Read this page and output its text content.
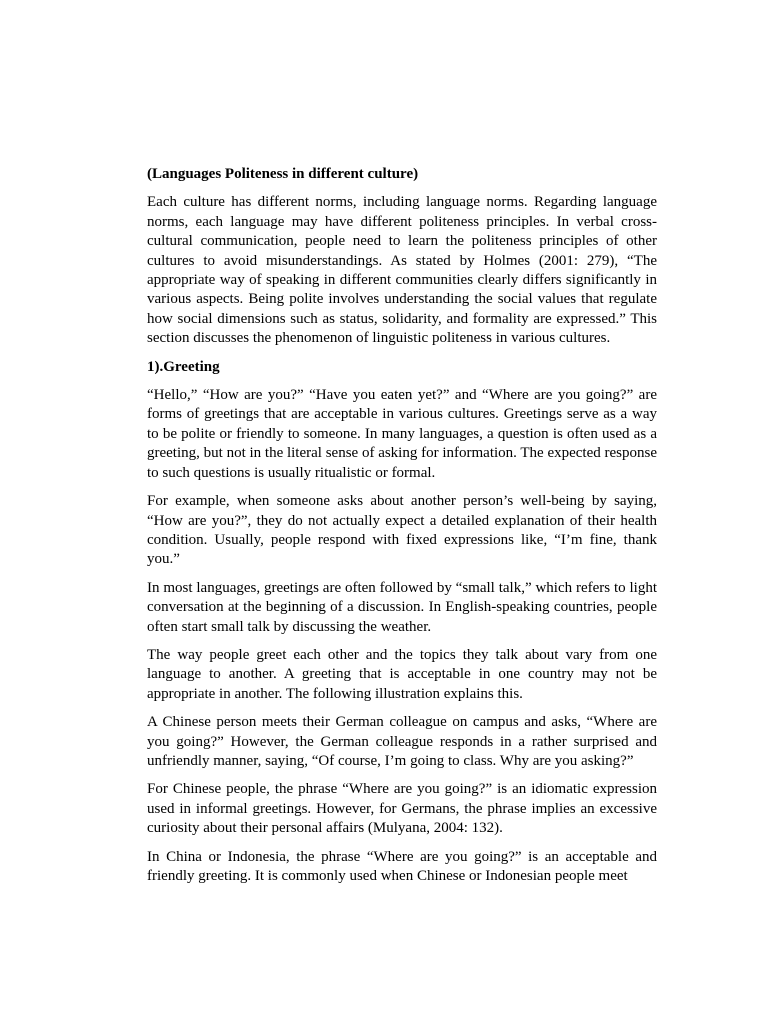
(Languages Politeness in different culture)

Each culture has different norms, including language norms. Regarding language norms, each language may have different politeness principles. In verbal cross-cultural communication, people need to learn the politeness principles of other cultures to avoid misunderstandings. As stated by Holmes (2001: 279), “The appropriate way of speaking in different communities clearly differs significantly in various aspects. Being polite involves understanding the social values that regulate how social dimensions such as status, solidarity, and formality are expressed.” This section discusses the phenomenon of linguistic politeness in various cultures.

1).Greeting

“Hello,” “How are you?” “Have you eaten yet?” and “Where are you going?” are forms of greetings that are acceptable in various cultures. Greetings serve as a way to be polite or friendly to someone. In many languages, a question is often used as a greeting, but not in the literal sense of asking for information. The expected response to such questions is usually ritualistic or formal.

For example, when someone asks about another person’s well-being by saying, “How are you?”, they do not actually expect a detailed explanation of their health condition. Usually, people respond with fixed expressions like, “I’m fine, thank you.”

In most languages, greetings are often followed by “small talk,” which refers to light conversation at the beginning of a discussion. In English-speaking countries, people often start small talk by discussing the weather.

The way people greet each other and the topics they talk about vary from one language to another. A greeting that is acceptable in one country may not be appropriate in another. The following illustration explains this.

A Chinese person meets their German colleague on campus and asks, “Where are you going?” However, the German colleague responds in a rather surprised and unfriendly manner, saying, “Of course, I’m going to class. Why are you asking?”

For Chinese people, the phrase “Where are you going?” is an idiomatic expression used in informal greetings. However, for Germans, the phrase implies an excessive curiosity about their personal affairs (Mulyana, 2004: 132).

In China or Indonesia, the phrase “Where are you going?” is an acceptable and friendly greeting. It is commonly used when Chinese or Indonesian people meet
